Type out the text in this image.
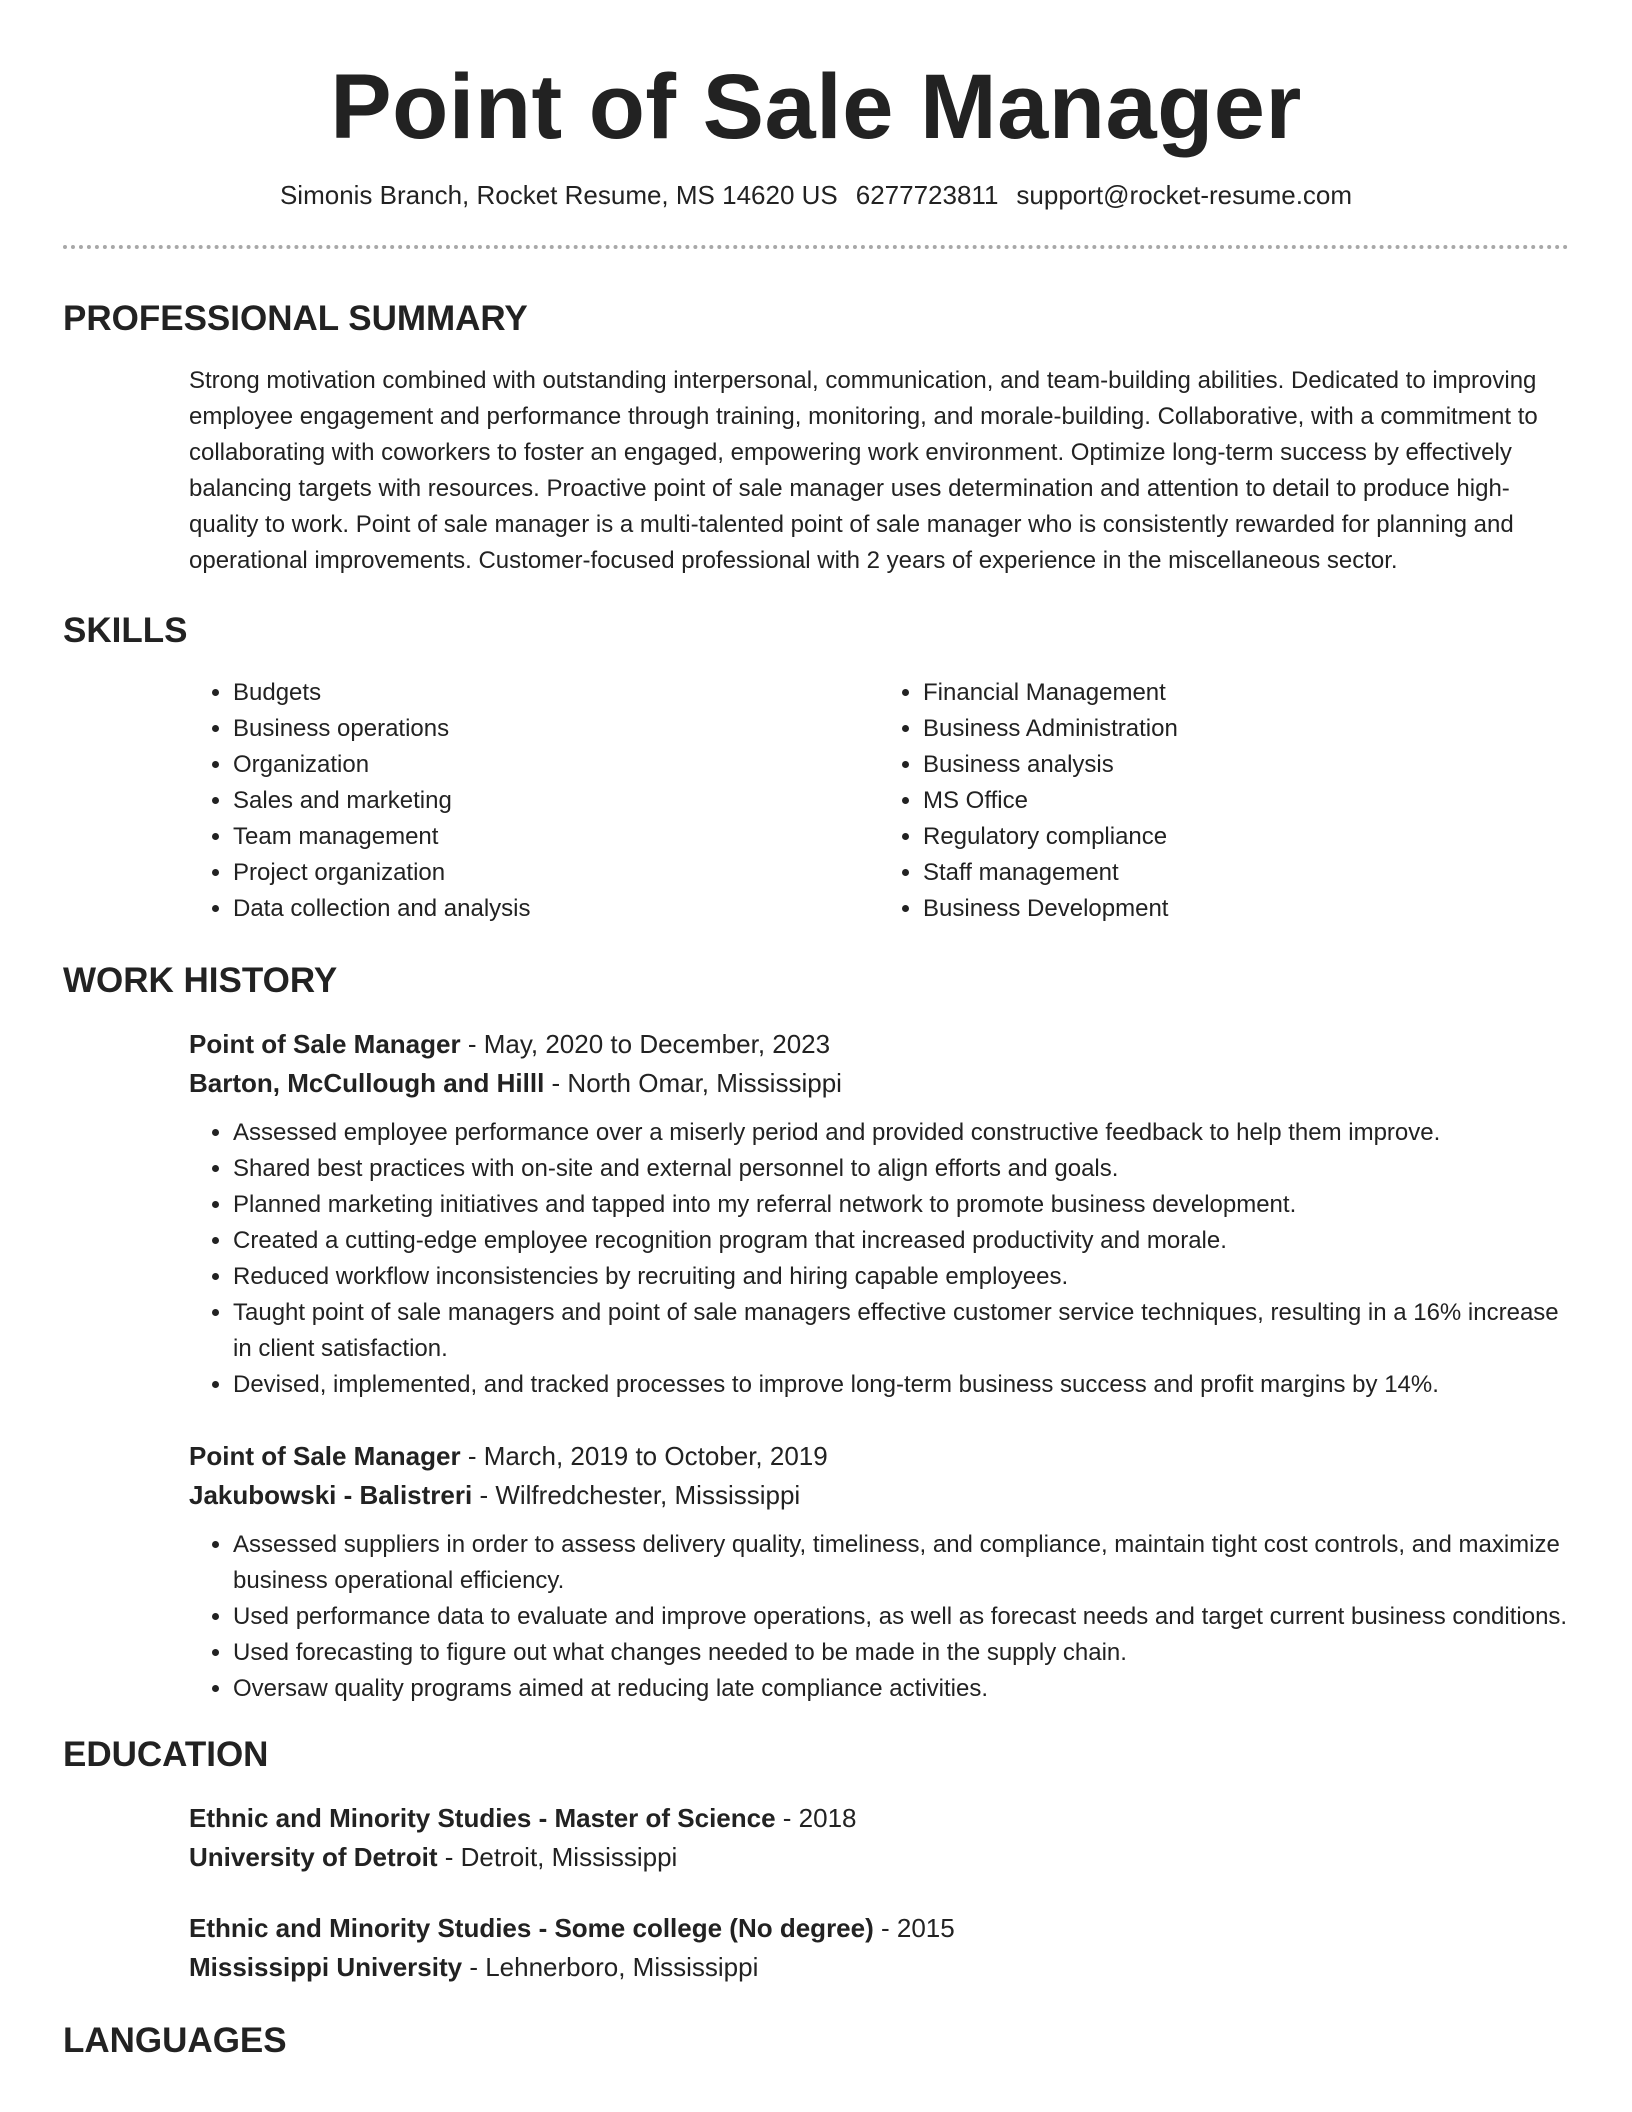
Point of Sale Manager
Simonis Branch, Rocket Resume, MS 14620 US 6277723811 support@rocket-resume.com
PROFESSIONAL SUMMARY
Strong motivation combined with outstanding interpersonal, communication, and team-building abilities. Dedicated to improving employee engagement and performance through training, monitoring, and morale-building. Collaborative, with a commitment to collaborating with coworkers to foster an engaged, empowering work environment. Optimize long-term success by effectively balancing targets with resources. Proactive point of sale manager uses determination and attention to detail to produce high-quality to work. Point of sale manager is a multi-talented point of sale manager who is consistently rewarded for planning and operational improvements. Customer-focused professional with 2 years of experience in the miscellaneous sector.
SKILLS
• Budgets
• Business operations
• Organization
• Sales and marketing
• Team management
• Project organization
• Data collection and analysis
• Financial Management
• Business Administration
• Business analysis
• MS Office
• Regulatory compliance
• Staff management
• Business Development
WORK HISTORY
Point of Sale Manager - May, 2020 to December, 2023
Barton, McCullough and Hilll - North Omar, Mississippi
• Assessed employee performance over a miserly period and provided constructive feedback to help them improve.
• Shared best practices with on-site and external personnel to align efforts and goals.
• Planned marketing initiatives and tapped into my referral network to promote business development.
• Created a cutting-edge employee recognition program that increased productivity and morale.
• Reduced workflow inconsistencies by recruiting and hiring capable employees.
• Taught point of sale managers and point of sale managers effective customer service techniques, resulting in a 16% increase in client satisfaction.
• Devised, implemented, and tracked processes to improve long-term business success and profit margins by 14%.
Point of Sale Manager - March, 2019 to October, 2019
Jakubowski - Balistreri - Wilfredchester, Mississippi
• Assessed suppliers in order to assess delivery quality, timeliness, and compliance, maintain tight cost controls, and maximize business operational efficiency.
• Used performance data to evaluate and improve operations, as well as forecast needs and target current business conditions.
• Used forecasting to figure out what changes needed to be made in the supply chain.
• Oversaw quality programs aimed at reducing late compliance activities.
EDUCATION
Ethnic and Minority Studies - Master of Science - 2018
University of Detroit - Detroit, Mississippi
Ethnic and Minority Studies - Some college (No degree) - 2015
Mississippi University - Lehnerboro, Mississippi
LANGUAGES
